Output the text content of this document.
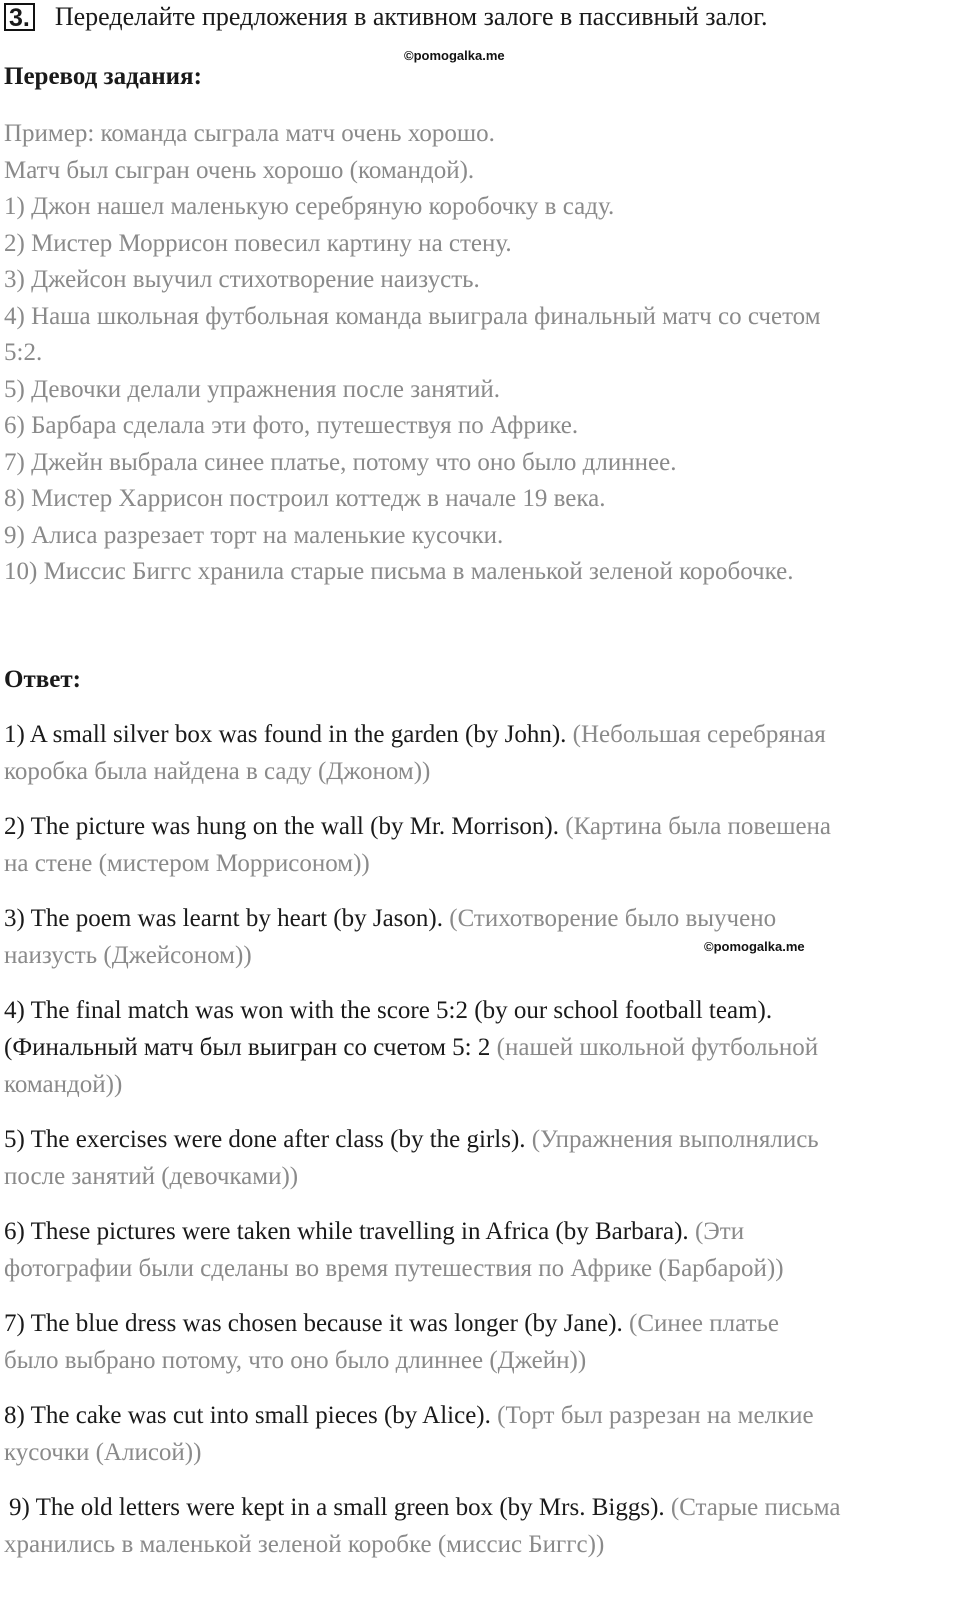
3. Переделайте предложения в активном залоге в пассивный залог.
©pomogalka.me
Перевод задания:
Пример: команда сыграла матч очень хорошо.
Матч был сыгран очень хорошо (командой).
1) Джон нашел маленькую серебряную коробочку в саду.
2) Мистер Моррисон повесил картину на стену.
3) Джейсон выучил стихотворение наизусть.
4) Наша школьная футбольная команда выиграла финальный матч со счетом
5:2.
5) Девочки делали упражнения после занятий.
6) Барбара сделала эти фото, путешествуя по Африке.
7) Джейн выбрала синее платье, потому что оно было длиннее.
8) Мистер Харрисон построил коттедж в начале 19 века.
9) Алиса разрезает торт на маленькие кусочки.
10) Миссис Биггс хранила старые письма в маленькой зеленой коробочке.
Ответ:
1) A small silver box was found in the garden (by John). (Небольшая серебряная
коробка была найдена в саду (Джоном))
2) The picture was hung on the wall (by Mr. Morrison). (Картина была повешена
на стене (мистером Моррисоном))
3) The poem was learnt by heart (by Jason). (Стихотворение было выучено
наизусть (Джейсоном))	©pomogalka.me
4) The final match was won with the score 5:2 (by our school football team).
(Финальный матч был выигран со счетом 5: 2 (нашей школьной футбольной
командой))
5) The exercises were done after class (by the girls). (Упражнения выполнялись
после занятий (девочками))
6) These pictures were taken while travelling in Africa (by Barbara). (Эти
фотографии были сделаны во время путешествия по Африке (Барбарой))
7) The blue dress was chosen because it was longer (by Jane). (Синее платье
было выбрано потому, что оно было длиннее (Джейн))
8) The cake was cut into small pieces (by Alice). (Торт был разрезан на мелкие
кусочки (Алисой))
9) The old letters were kept in a small green box (by Mrs. Biggs). (Старые письма
хранились в маленькой зеленой коробке (миссис Биггс))
